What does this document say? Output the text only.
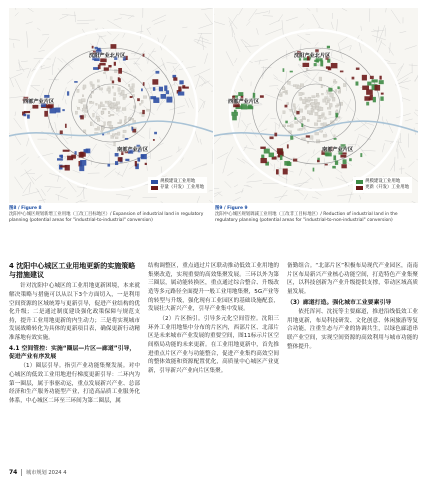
沈阳产业北片区
西部产业片区
南部产业片区
规模建设工业用地
存量（开发）工业用地
沈阳产业北片区
西部产业片区
南部产业片区
规模建设工业用地
更新（开发）工业用地
图8 / Figure 8
沈阳中心城区规划新增工业用地（工改工目标地区）/ Expansion of industrial land in regulatory planning (potential areas for "industrial-to-industrial" conversion)
图9 / Figure 9
沈阳中心城区规划调减工业用地（工改非工目标地区）/ Reduction of industrial land in the regulatory planning (potential areas for "industrial-to-non-industrial" conversion)
4 沈阳中心城区工业用地更新的实施策略与措施建议

针对沈阳中心城区的工业用地更新困境，本来就解决策略与措施可以从以下3个方面切入，一是利用空间资源的区域统筹与更新引导，促进产业结构的优化升级；二是通过制度建设强化政策保障与规范支持，提升工业用地更新的内生动力；三是将实现城市发展战略转化为具体的更新项目表，确保更新行动精准落地有效实施。

4.1 空间管控：实施“圈层—片区—廊道”引导，促进产业有序发展

（1）圈层引导。指引产业功能集聚发展。对中心城区的低效工业用地进行梯度更新引导：二环内为第一圈层，属于事驱动运，重点发展新兴产业、总部经济和生产服务功能型产业，打造高品质工业服务化体系，中心城区二环至三环间为第二圈层，属

结构调整区，重点通过片区联动推动低效工业用地的集聚改造，实现重要的高效集聚发展。三环以外为第三圈层，属动能转换区，重点通过综合整合、升级改造等多元路径全面提升一般工业用地集聚，5G产业等的转型与升级，强化现有工业园区的基础设施配套，发展壮大新兴产业，引导产业集中发展。

（2）片区指引。引导多元化空间管控。沈阳三环外工业用地集中分布的片区内，西部片区、北部片区是未来城市产业发展的重要空间，图11标示片区空间格局功能的未来更新。在工业用地更新中，首先推进重点片区产业与功能整合，促进产业集约高效空间的整体效能和资源配置优化，高质量中心城区产业更新，引导新兴产业向片区集聚。

备勤组合。“北部片区”积极布局现代产业园区，南南片区布局新兴产业核心功能空间，打造特色产业集聚区，以科技创新为产业升级提供支撑，带动区域高质量发展。

（3）廊道打造。强化城市工业要素引导

依托浑河、沈抚等主要廊道，推进沿线低效工业用地更新，布局科技研发、文化创意、休闲旅游等复合功能，注重生态与产业的协调共生，以绿色廊道串联产业空间，实现空间资源的高效利用与城市功能的整体提升。

74 城市规划 2024 4
